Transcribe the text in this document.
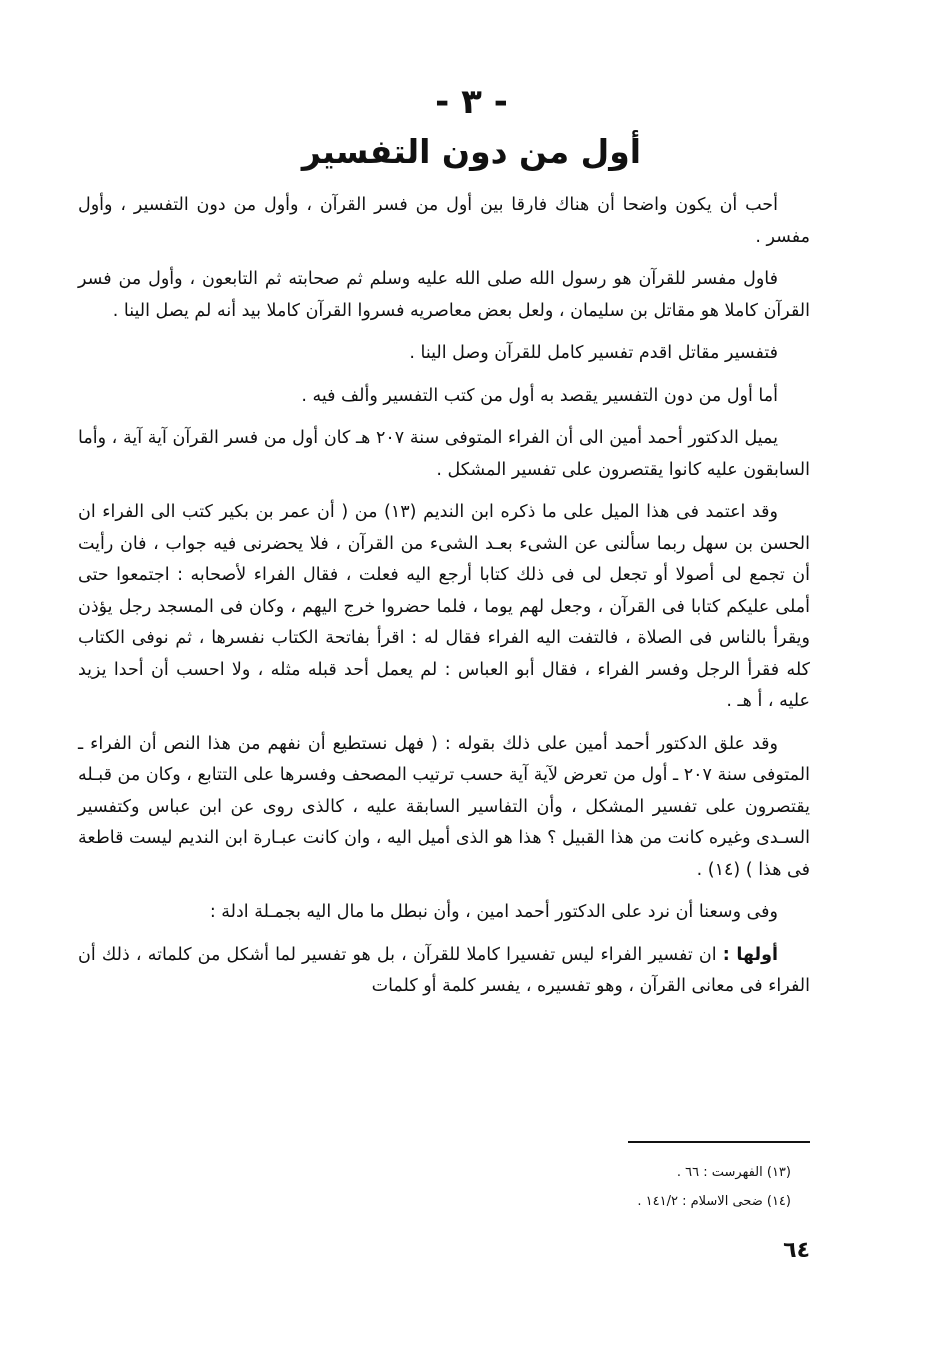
- ٣ -
أول من دون التفسير

أحب أن يكون واضحا أن هناك فارقا بين أول من فسر القرآن ، وأول من دون التفسير ، وأول مفسر .

فاول مفسر للقرآن هو رسول الله صلى الله عليه وسلم ثم صحابته ثم التابعون ، وأول من فسر القرآن كاملا هو مقاتل بن سليمان ، ولعل بعض معاصريه فسروا القرآن كاملا بيد أنه لم يصل الينا .

فتفسير مقاتل اقدم تفسير كامل للقرآن وصل الينا .

أما أول من دون التفسير يقصد به أول من كتب التفسير وألف فيه .

يميل الدكتور أحمد أمين الى أن الفراء المتوفى سنة ٢٠٧ هـ كان أول من فسر القرآن آية آية ، وأما السابقون عليه كانوا يقتصرون على تفسير المشكل .

وقد اعتمد فى هذا الميل على ما ذكره ابن النديم (١٣) من ( أن عمر بن بكير كتب الى الفراء ان الحسن بن سهل ربما سألنى عن الشىء بعـد الشىء من القرآن ، فلا يحضرنى فيه جواب ، فان رأيت أن تجمع لى أصولا أو تجعل لى فى ذلك كتابا أرجع اليه فعلت ، فقال الفراء لأصحابه : اجتمعوا حتى أملى عليكم كتابا فى القرآن ، وجعل لهم يوما ، فلما حضروا خرج اليهم ، وكان فى المسجد رجل يؤذن ويقرأ بالناس فى الصلاة ، فالتفت اليه الفراء فقال له : اقرأ بفاتحة الكتاب نفسرها ، ثم نوفى الكتاب كله فقرأ الرجل وفسر الفراء ، فقال أبو العباس : لم يعمل أحد قبله مثله ، ولا احسب أن أحدا يزيد عليه ، أ هـ .

وقد علق الدكتور أحمد أمين على ذلك بقوله : ( فهل نستطيع أن نفهم من هذا النص أن الفراء ـ المتوفى سنة ٢٠٧ ـ أول من تعرض لآية آية حسب ترتيب المصحف وفسرها على التتابع ، وكان من قبـله يقتصرون على تفسير المشكل ، وأن التفاسير السابقة عليه ، كالذى روى عن ابن عباس وكتفسير السـدى وغيره كانت من هذا القبيل ؟ هذا هو الذى أميل اليه ، وان كانت عبـارة ابن النديم ليست قاطعة فى هذا ) (١٤) .

وفى وسعنا أن نرد على الدكتور أحمد امين ، وأن نبطل ما مال اليه بجمـلة ادلة :

أولها : ان تفسير الفراء ليس تفسيرا كاملا للقرآن ، بل هو تفسير لما أشكل من كلماته ، ذلك أن الفراء فى معانى القرآن ، وهو تفسيره ، يفسر كلمة أو كلمات

(١٣) الفهرست : ٦٦ .

(١٤) ضحى الاسلام : ١٤١/٢ .

٦٤
